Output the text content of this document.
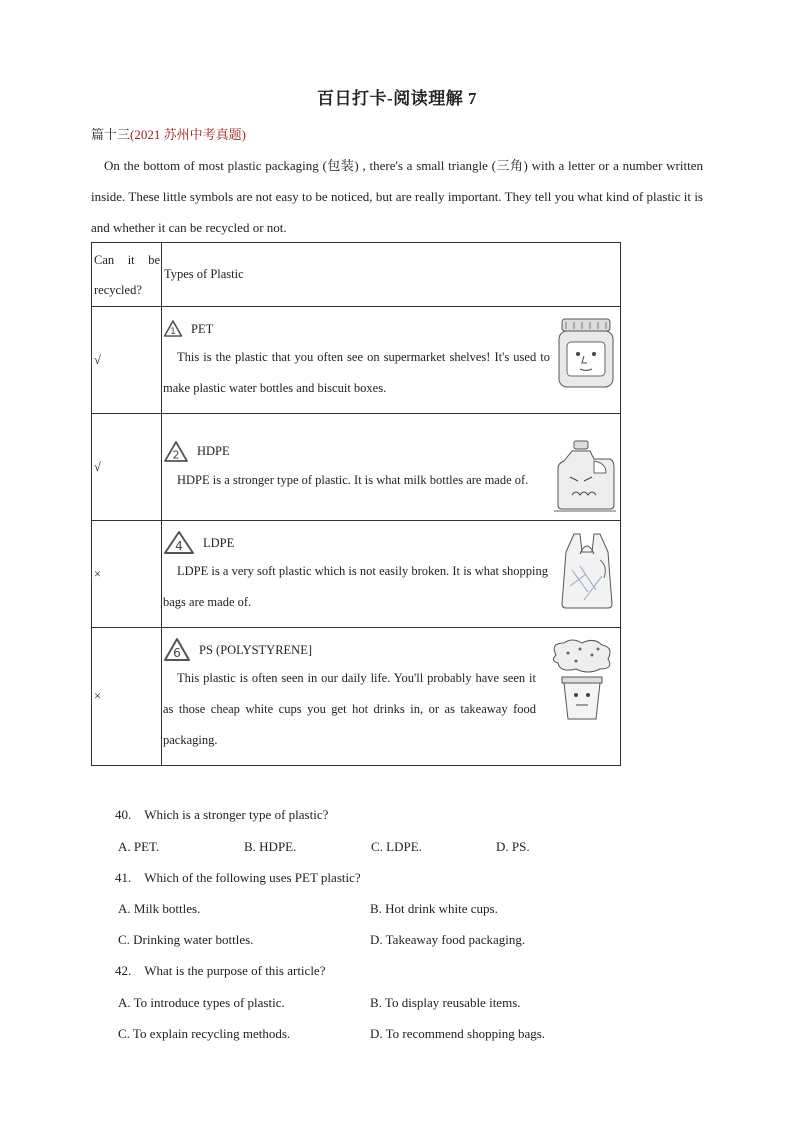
百日打卡-阅读理解 7
篇十三(2021 苏州中考真题)
On the bottom of most plastic packaging (包装) , there's a small triangle (三角) with a letter or a number written inside. These little symbols are not easy to be noticed, but are really important. They tell you what kind of plastic it is and whether it can be recycled or not.
Can it be recycled?	Types of Plastic

√	1 PET
This is the plastic that you often see on supermarket shelves! It's used to make plastic water bottles and biscuit boxes.

√	2 HDPE
HDPE is a stronger type of plastic. It is what milk bottles are made of.

×	4 LDPE
LDPE is a very soft plastic which is not easily broken. It is what shopping bags are made of.

×	6 PS (POLYSTYRENE]
This plastic is often seen in our daily life. You'll probably have seen it as those cheap white cups you get hot drinks in, or as takeaway food packaging.
40. Which is a stronger type of plastic?
A. PET.	B. HDPE.	C. LDPE.	D. PS.
41. Which of the following uses PET plastic?
A. Milk bottles.	B. Hot drink white cups.
C. Drinking water bottles.	D. Takeaway food packaging.
42. What is the purpose of this article?
A. To introduce types of plastic.	B. To display reusable items.
C. To explain recycling methods.	D. To recommend shopping bags.
